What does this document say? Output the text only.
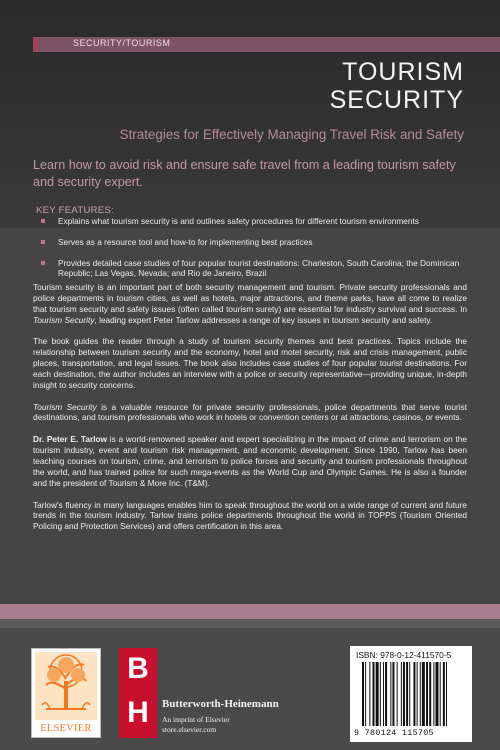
SECURITY/TOURISM
TOURISM
SECURITY
Strategies for Effectively Managing Travel Risk and Safety
Learn how to avoid risk and ensure safe travel from a leading tourism safety and security expert.
KEY FEATURES:
Explains what tourism security is and outlines safety procedures for different tourism environments
Serves as a resource tool and how-to for implementing best practices
Provides detailed case studies of four popular tourist destinations: Charleston, South Carolina; the Dominican Republic; Las Vegas, Nevada; and Rio de Janeiro, Brazil

Tourism security is an important part of both security management and tourism. Private security professionals and police departments in tourism cities, as well as hotels, major attractions, and theme parks, have all come to realize that tourism security and safety issues (often called tourism surety) are essential for industry survival and success. In Tourism Security, leading expert Peter Tarlow addresses a range of key issues in tourism security and safety.

The book guides the reader through a study of tourism security themes and best practices. Topics include the relationship between tourism security and the economy, hotel and motel security, risk and crisis management, public places, transportation, and legal issues. The book also includes case studies of four popular tourist destinations. For each destination, the author includes an interview with a police or security representative—providing unique, in-depth insight to security concerns.

Tourism Security is a valuable resource for private security professionals, police departments that serve tourist destinations, and tourism professionals who work in hotels or convention centers or at attractions, casinos, or events.

Dr. Peter E. Tarlow is a world-renowned speaker and expert specializing in the impact of crime and terrorism on the tourism industry, event and tourism risk management, and economic development. Since 1990, Tarlow has been teaching courses on tourism, crime, and terrorism to police forces and security and tourism professionals throughout the world, and has trained police for such mega-events as the World Cup and Olympic Games. He is also a founder and the president of Tourism & More Inc. (T&M).

Tarlow's fluency in many languages enables him to speak throughout the world on a wide range of current and future trends in the tourism industry. Tarlow trains police departments throughout the world in TOPPS (Tourism Oriented Policing and Protection Services) and offers certification in this area.

ELSEVIER
B
H	Butterworth-Heinemann
An imprint of Elsevier
store.elsevier.com
ISBN: 978-0-12-411570-5
9 780124 115705
